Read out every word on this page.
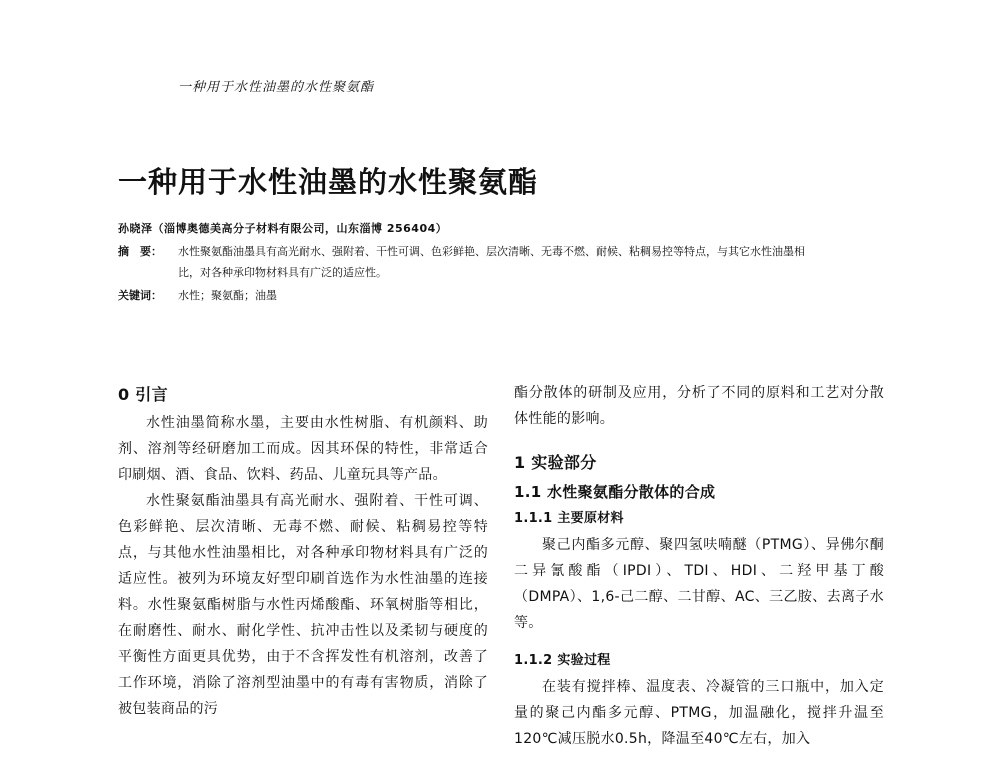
一种用于水性油墨的水性聚氨酯
一种用于水性油墨的水性聚氨酯
孙晓泽（淄博奥德美高分子材料有限公司，山东淄博 256404）
摘　要： 水性聚氨酯油墨具有高光耐水、强附着、干性可调、色彩鲜艳、层次清晰、无毒不燃、耐候、粘稠易控等特点，与其它水性油墨相比，对各种承印物材料具有广泛的适应性。
关键词： 水性；聚氨酯；油墨
0 引言

水性油墨简称水墨，主要由水性树脂、有机颜料、助剂、溶剂等经研磨加工而成。因其环保的特性，非常适合印刷烟、酒、食品、饮料、药品、儿童玩具等产品。

水性聚氨酯油墨具有高光耐水、强附着、干性可调、色彩鲜艳、层次清晰、无毒不燃、耐候、粘稠易控等特点，与其他水性油墨相比，对各种承印物材料具有广泛的适应性。被列为环境友好型印刷首选作为水性油墨的连接料。水性聚氨酯树脂与水性丙烯酸酯、环氧树脂等相比，在耐磨性、耐水、耐化学性、抗冲击性以及柔韧与硬度的平衡性方面更具优势，由于不含挥发性有机溶剂，改善了工作环境，消除了溶剂型油墨中的有毒有害物质，消除了被包装商品的污

酯分散体的研制及应用，分析了不同的原料和工艺对分散体性能的影响。

1 实验部分
1.1 水性聚氨酯分散体的合成
1.1.1 主要原材料

聚己内酯多元醇、聚四氢呋喃醚（PTMG）、异佛尔酮二异氰酸酯（IPDI）、TDI、HDI、二羟甲基丁酸（DMPA）、1,6-己二醇、二甘醇、AC、三乙胺、去离子水等。

1.1.2 实验过程

在装有搅拌棒、温度表、冷凝管的三口瓶中，加入定量的聚己内酯多元醇、PTMG，加温融化，搅拌升温至120℃减压脱水0.5h，降温至40℃左右，加入
